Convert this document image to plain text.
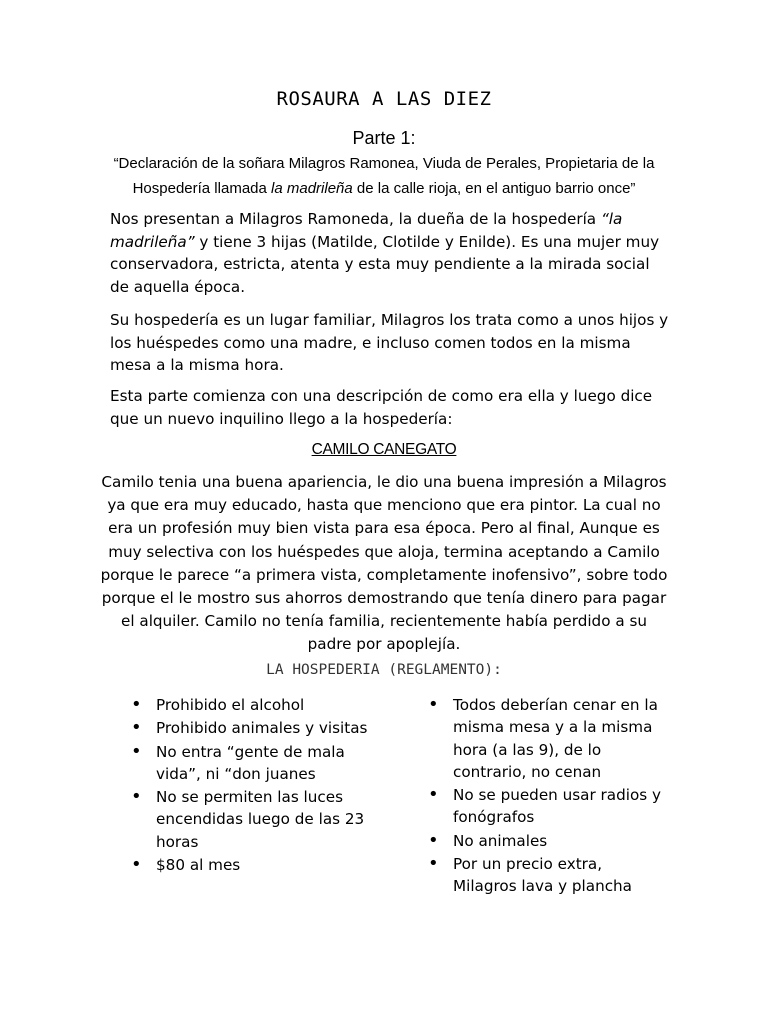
ROSAURA A LAS DIEZ
Parte 1:
“Declaración de la soñara Milagros Ramonea, Viuda de Perales, Propietaria de la Hospedería llamada la madrileña de la calle rioja, en el antiguo barrio once”

Nos presentan a Milagros Ramoneda, la dueña de la hospedería “la madrileña” y tiene 3 hijas (Matilde, Clotilde y Enilde). Es una mujer muy conservadora, estricta, atenta y esta muy pendiente a la mirada social de aquella época.

Su hospedería es un lugar familiar, Milagros los trata como a unos hijos y los huéspedes como una madre, e incluso comen todos en la misma mesa a la misma hora.

Esta parte comienza con una descripción de como era ella y luego dice que un nuevo inquilino llego a la hospedería:

CAMILO CANEGATO

Camilo tenia una buena apariencia, le dio una buena impresión a Milagros ya que era muy educado, hasta que menciono que era pintor. La cual no era un profesión muy bien vista para esa época. Pero al final, Aunque es muy selectiva con los huéspedes que aloja, termina aceptando a Camilo porque le parece “a primera vista, completamente inofensivo”, sobre todo porque el le mostro sus ahorros demostrando que tenía dinero para pagar el alquiler. Camilo no tenía familia, recientemente había perdido a su padre por apoplejía.

LA HOSPEDERIA (REGLAMENTO):
• Prohibido el alcohol
• Prohibido animales y visitas
• No entra “gente de mala vida”, ni “don juanes
• No se permiten las luces encendidas luego de las 23 horas
• $80 al mes
• Todos deberían cenar en la misma mesa y a la misma hora (a las 9), de lo contrario, no cenan
• No se pueden usar radios y fonógrafos
• No animales
• Por un precio extra, Milagros lava y plancha
